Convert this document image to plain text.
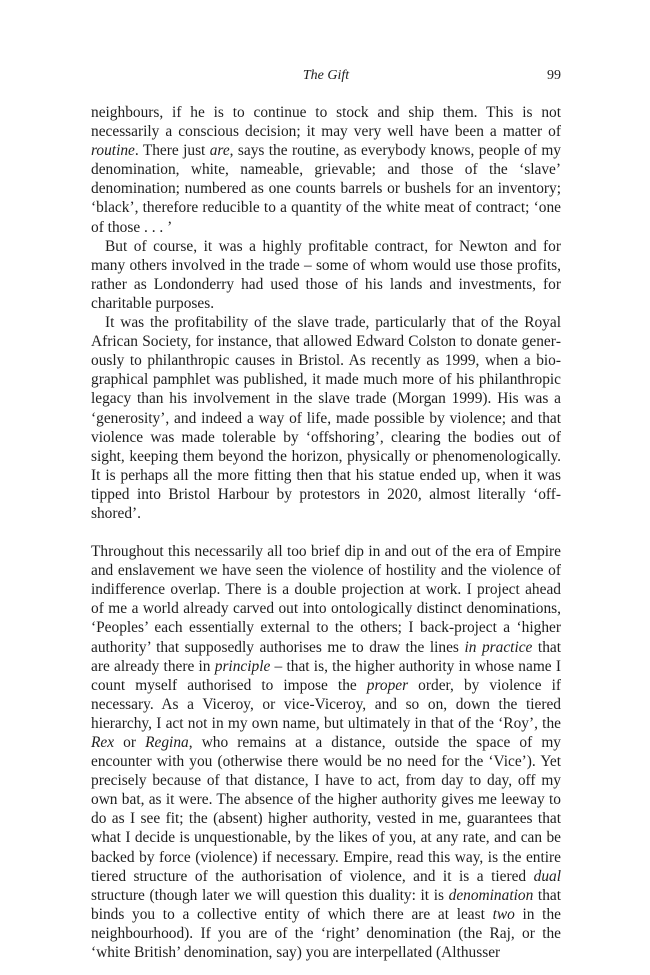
The Gift	99

neighbours, if he is to continue to stock and ship them. This is not necessarily a conscious decision; it may very well have been a matter of routine. There just are, says the routine, as everybody knows, people of my denomination, white, nameable, grievable; and those of the ‘slave’ denomination; numbered as one counts barrels or bushels for an inventory; ‘black’, therefore reducible to a quantity of the white meat of contract; ‘one of those . . . ’

But of course, it was a highly profitable contract, for Newton and for many others involved in the trade – some of whom would use those profits, rather as Londonderry had used those of his lands and investments, for charitable purposes.

It was the profitability of the slave trade, particularly that of the Royal African Society, for instance, that allowed Edward Colston to donate generously to philanthropic causes in Bristol. As recently as 1999, when a biographical pamphlet was published, it made much more of his philanthropic legacy than his involvement in the slave trade (Morgan 1999). His was a ‘generosity’, and indeed a way of life, made possible by violence; and that violence was made tolerable by ‘offshoring’, clearing the bodies out of sight, keeping them beyond the horizon, physically or phenomenologically. It is perhaps all the more fitting then that his statue ended up, when it was tipped into Bristol Harbour by protestors in 2020, almost literally ‘off-shored’.

Throughout this necessarily all too brief dip in and out of the era of Empire and enslavement we have seen the violence of hostility and the violence of indifference overlap. There is a double projection at work. I project ahead of me a world already carved out into ontologically distinct denominations, ‘Peoples’ each essentially external to the others; I back-project a ‘higher authority’ that supposedly authorises me to draw the lines in practice that are already there in principle – that is, the higher authority in whose name I count myself authorised to impose the proper order, by violence if necessary. As a Viceroy, or vice-Viceroy, and so on, down the tiered hierarchy, I act not in my own name, but ultimately in that of the ‘Roy’, the Rex or Regina, who remains at a distance, outside the space of my encounter with you (otherwise there would be no need for the ‘Vice’). Yet precisely because of that distance, I have to act, from day to day, off my own bat, as it were. The absence of the higher authority gives me leeway to do as I see fit; the (absent) higher authority, vested in me, guarantees that what I decide is unquestionable, by the likes of you, at any rate, and can be backed by force (violence) if necessary. Empire, read this way, is the entire tiered structure of the authorisation of violence, and it is a tiered dual structure (though later we will question this duality: it is denomination that binds you to a collective entity of which there are at least two in the neighbourhood). If you are of the ‘right’ denomination (the Raj, or the ‘white British’ denomination, say) you are interpellated (Althusser
